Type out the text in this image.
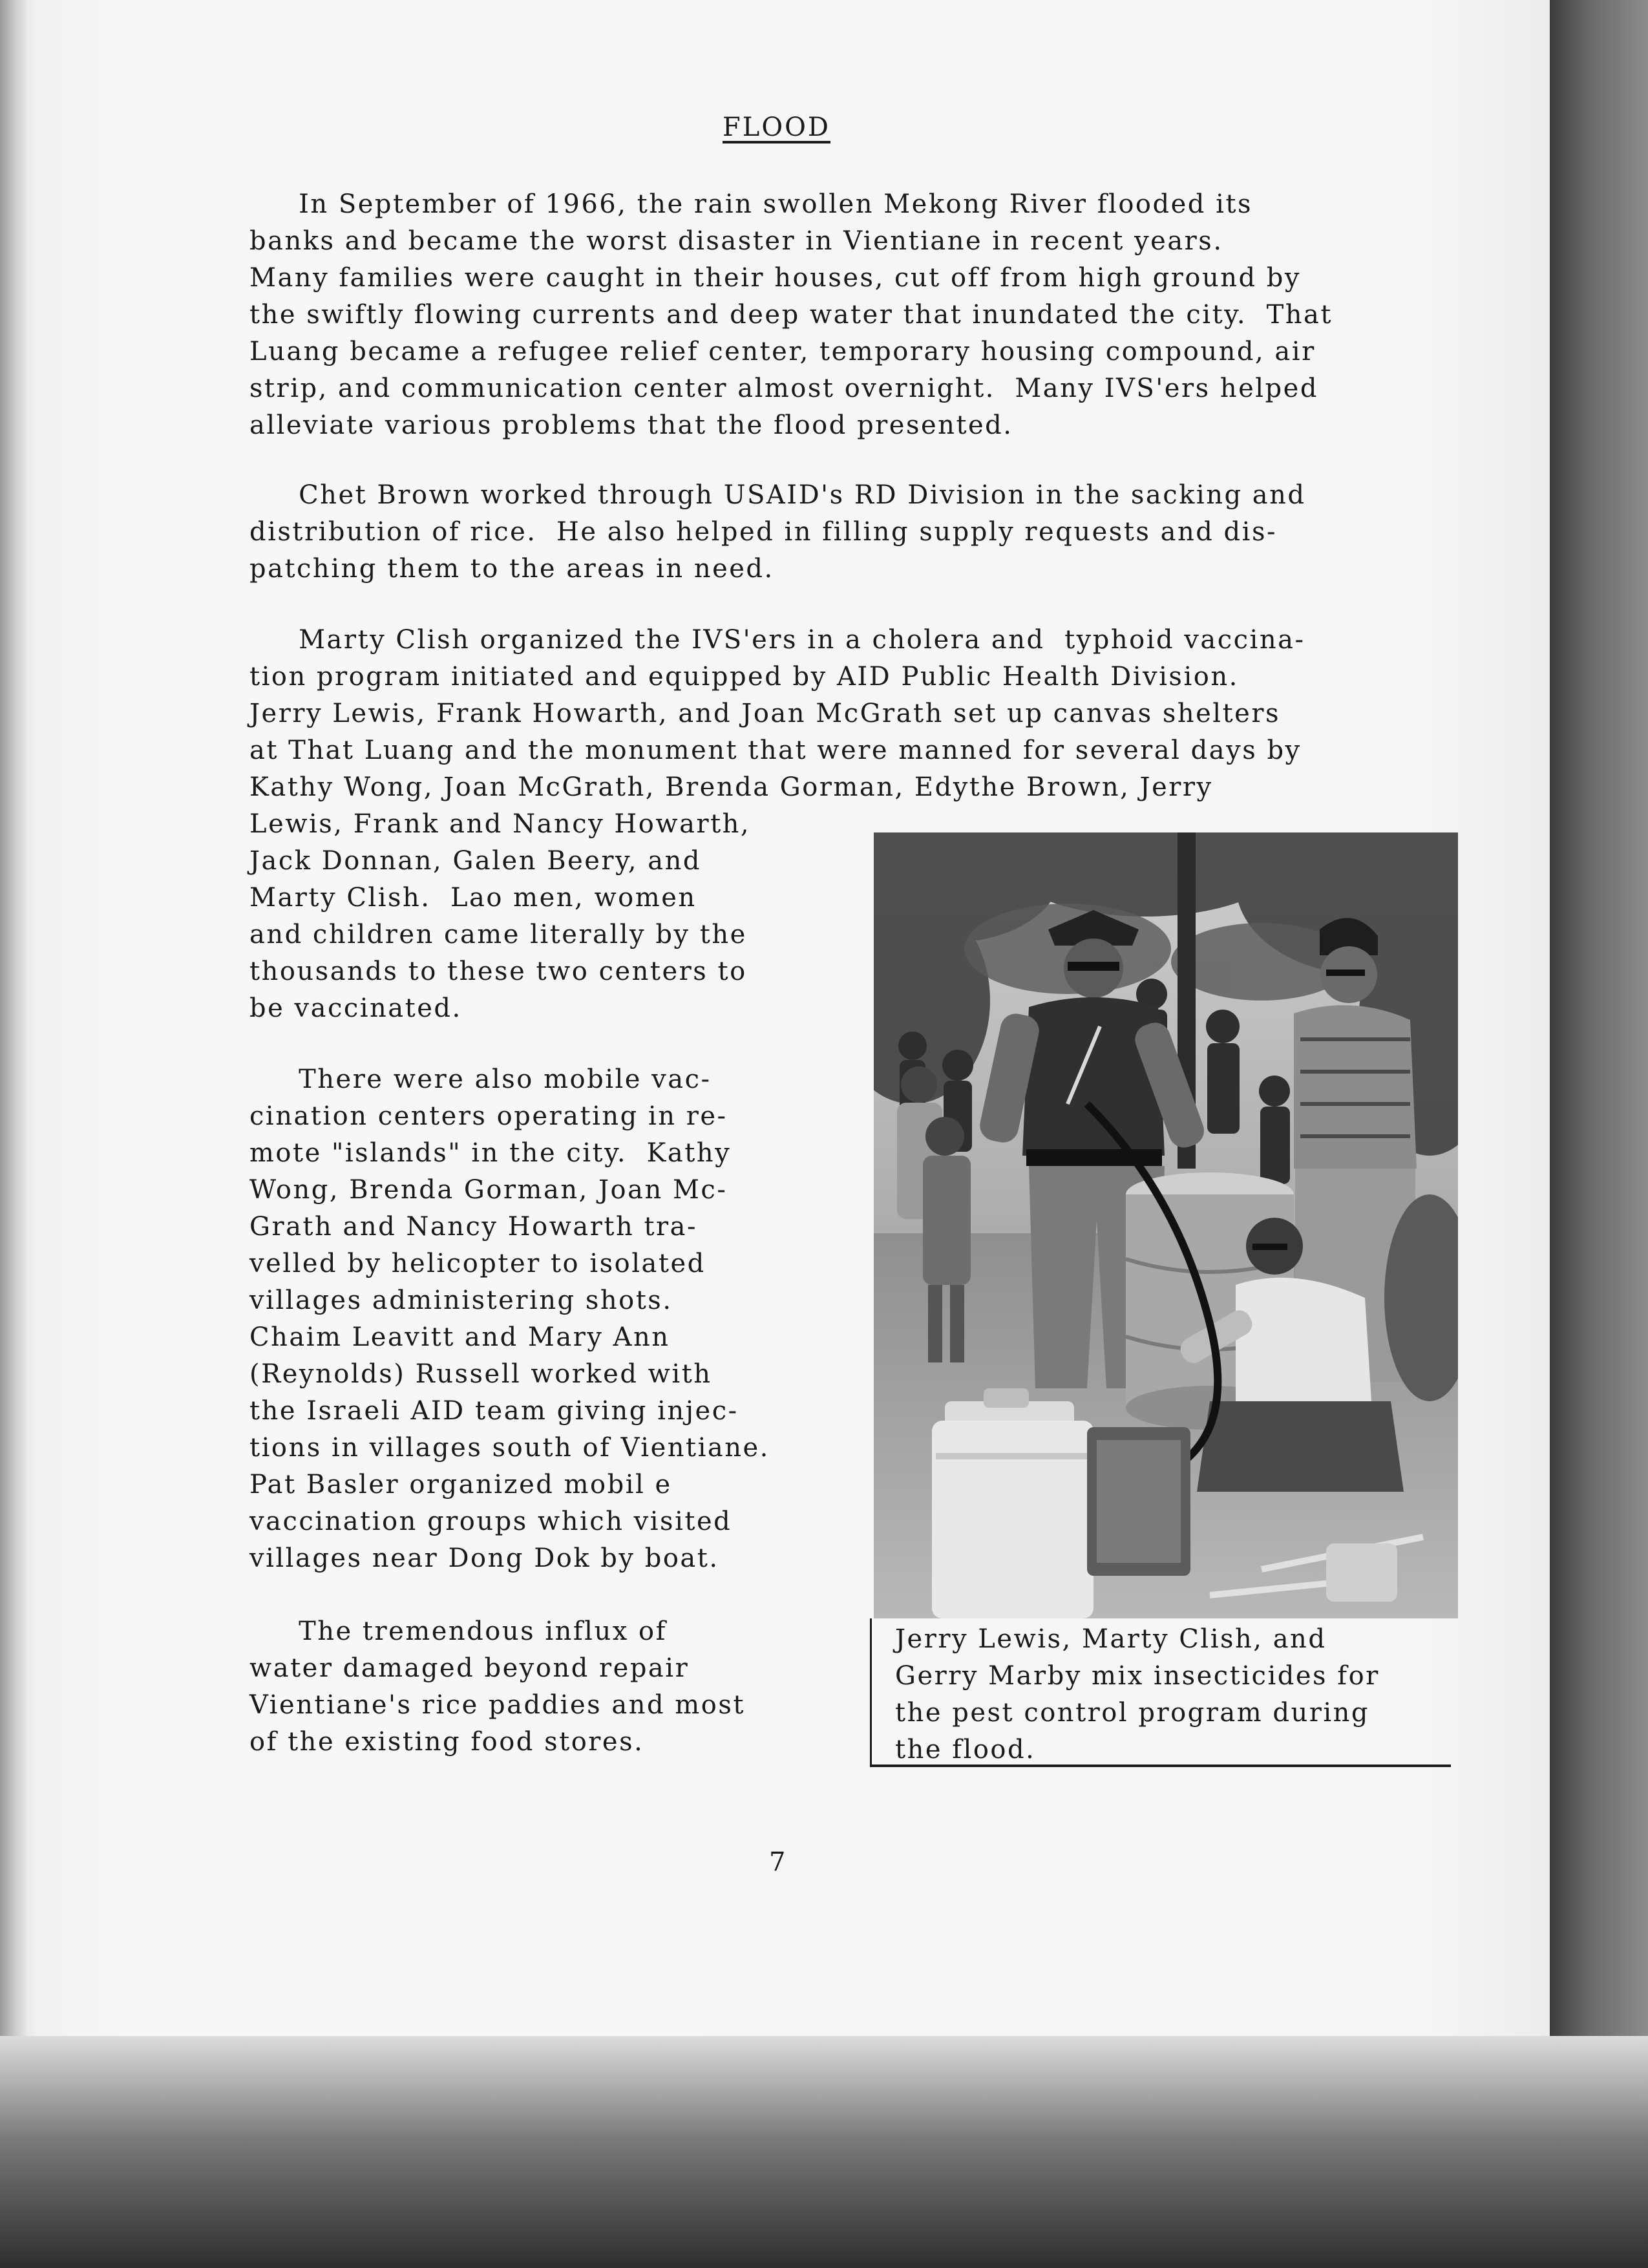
FLOOD

In September of 1966, the rain swollen Mekong River flooded its
banks and became the worst disaster in Vientiane in recent years.
Many families were caught in their houses, cut off from high ground by
the swiftly flowing currents and deep water that inundated the city.  That
Luang became a refugee relief center, temporary housing compound, air
strip, and communication center almost overnight.  Many IVS'ers helped
alleviate various problems that the flood presented.

Chet Brown worked through USAID's RD Division in the sacking and
distribution of rice.  He also helped in filling supply requests and dis-
patching them to the areas in need.

Marty Clish organized the IVS'ers in a cholera and  typhoid vaccina-
tion program initiated and equipped by AID Public Health Division.
Jerry Lewis, Frank Howarth, and Joan McGrath set up canvas shelters
at That Luang and the monument that were manned for several days by
Kathy Wong, Joan McGrath, Brenda Gorman, Edythe Brown, Jerry

Lewis, Frank and Nancy Howarth,
Jack Donnan, Galen Beery, and
Marty Clish.  Lao men, women
and children came literally by the
thousands to these two centers to
be vaccinated.

There were also mobile vac-
cination centers operating in re-
mote "islands" in the city.  Kathy
Wong, Brenda Gorman, Joan Mc-
Grath and Nancy Howarth tra-
velled by helicopter to isolated
villages administering shots.
Chaim Leavitt and Mary Ann
(Reynolds) Russell worked with
the Israeli AID team giving injec-
tions in villages south of Vientiane.
Pat Basler organized mobil e
vaccination groups which visited
villages near Dong Dok by boat.

The tremendous influx of
water damaged beyond repair
Vientiane's rice paddies and most
of the existing food stores.

Jerry Lewis, Marty Clish, and
Gerry Marby mix insecticides for
the pest control program during
the flood.

7
